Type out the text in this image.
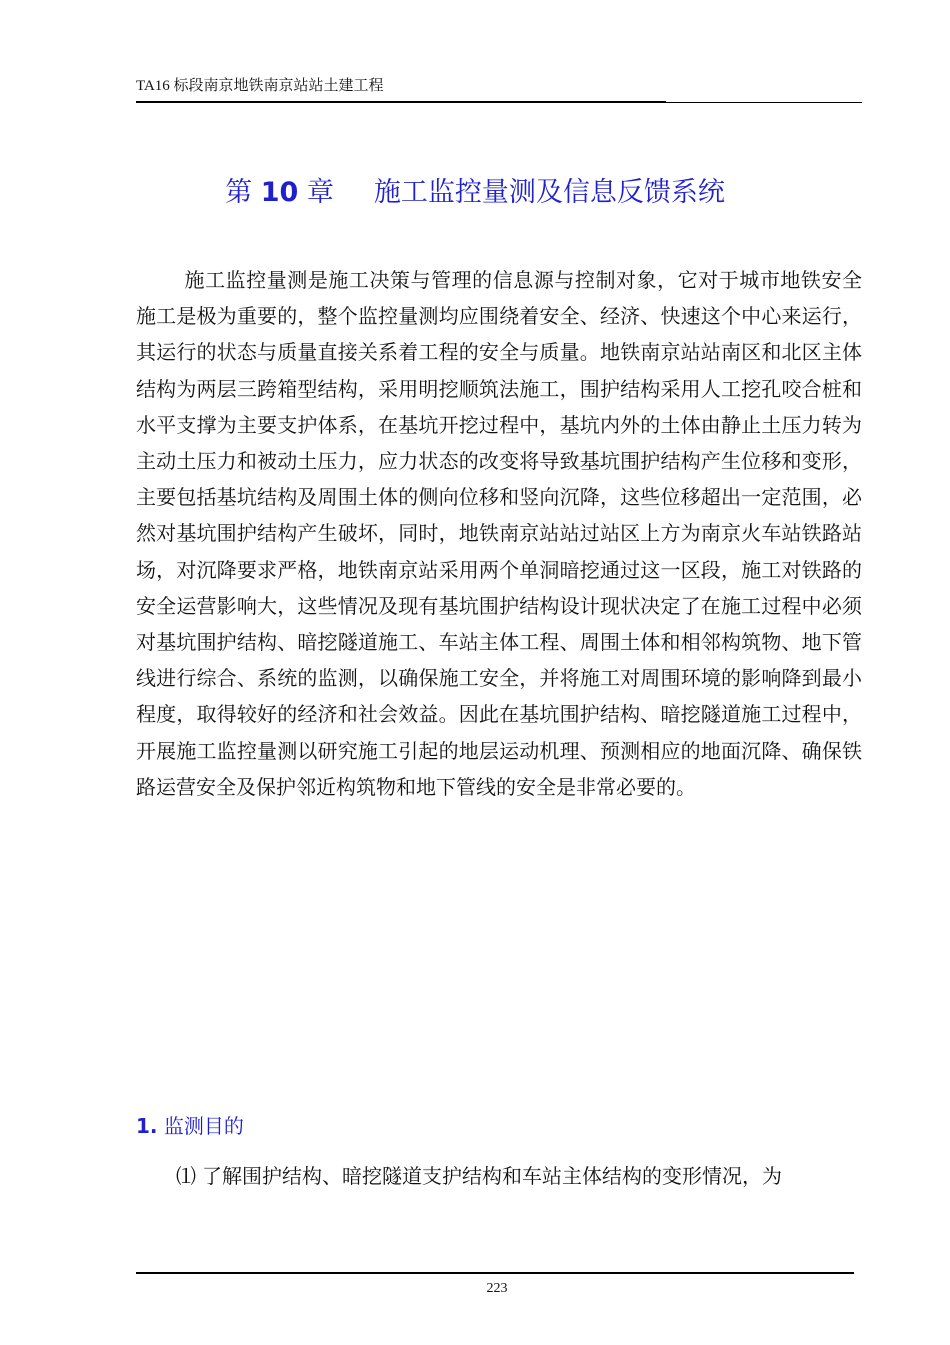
TA16 标段南京地铁南京站站土建工程
第 10 章 施工监控量测及信息反馈系统
施工监控量测是施工决策与管理的信息源与控制对象，它对于城市地铁安全施工是极为重要的，整个监控量测均应围绕着安全、经济、快速这个中心来运行，其运行的状态与质量直接关系着工程的安全与质量。地铁南京站站南区和北区主体结构为两层三跨箱型结构，采用明挖顺筑法施工，围护结构采用人工挖孔咬合桩和水平支撑为主要支护体系，在基坑开挖过程中，基坑内外的土体由静止土压力转为主动土压力和被动土压力，应力状态的改变将导致基坑围护结构产生位移和变形，主要包括基坑结构及周围土体的侧向位移和竖向沉降，这些位移超出一定范围，必然对基坑围护结构产生破坏，同时，地铁南京站站过站区上方为南京火车站铁路站场，对沉降要求严格，地铁南京站采用两个单洞暗挖通过这一区段，施工对铁路的安全运营影响大，这些情况及现有基坑围护结构设计现状决定了在施工过程中必须对基坑围护结构、暗挖隧道施工、车站主体工程、周围土体和相邻构筑物、地下管线进行综合、系统的监测，以确保施工安全，并将施工对周围环境的影响降到最小程度，取得较好的经济和社会效益。因此在基坑围护结构、暗挖隧道施工过程中，开展施工监控量测以研究施工引起的地层运动机理、预测相应的地面沉降、确保铁路运营安全及保护邻近构筑物和地下管线的安全是非常必要的。
1. 监测目的
⑴ 了解围护结构、暗挖隧道支护结构和车站主体结构的变形情况，为
223
